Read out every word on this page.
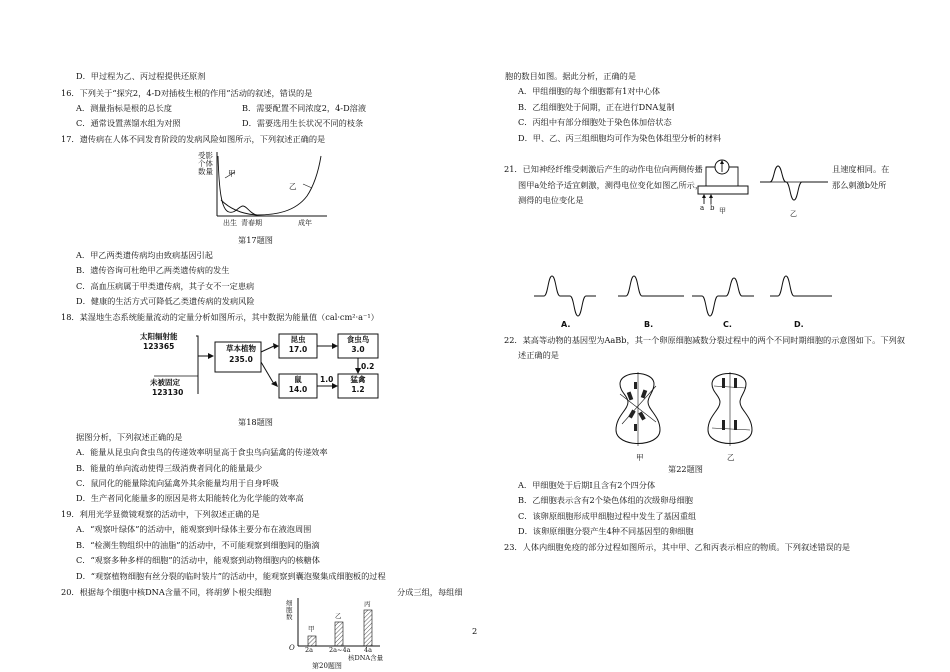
D．甲过程为乙、丙过程提供还原剂
16．下列关于“探究2，4-D对插枝生根的作用”活动的叙述，错误的是
A．测量指标是根的总长度	B．需要配置不同浓度2，4-D溶液
C．通常设置蒸馏水组为对照	D．需要选用生长状况不同的枝条
17．遗传病在人体不同发育阶段的发病风险如图所示，下列叙述正确的是
受影
个体
数量 甲
乙
出生 青春期	成年
第17题图
A．甲乙两类遗传病均由致病基因引起
B．遗传咨询可杜绝甲乙两类遗传病的发生
C．高血压病属于甲类遗传病，其子女不一定患病
D．健康的生活方式可降低乙类遗传病的发病风险
18．某湿地生态系统能量流动的定量分析如图所示，其中数据为能量值（cal·cm²·a⁻¹）
太阳辐射能
123365
未被固定
123130
草本植物
235.0
昆虫
17.0
食虫鸟
3.0
鼠
14.0
猛禽
1.2
1.0
0.2
第18题图
据图分析，下列叙述正确的是
A．能量从昆虫向食虫鸟的传递效率明显高于食虫鸟向猛禽的传递效率
B．能量的单向流动使得三级消费者同化的能量最少
C．鼠同化的能量除流向猛禽外其余能量均用于自身呼吸
D．生产者同化能量多的原因是将太阳能转化为化学能的效率高
19．利用光学显微镜观察的活动中，下列叙述正确的是
A．“观察叶绿体”的活动中，能观察到叶绿体主要分布在液泡周围
B．“检测生物组织中的油脂”的活动中，不可能观察到细胞间的脂滴
C．“观察多种多样的细胞”的活动中，能观察到动物细胞内的核糖体
D．“观察植物细胞有丝分裂的临时装片”的活动中，能观察到囊泡聚集成细胞板的过程
20．根据每个细胞中核DNA含量不同，将胡萝卜根尖细胞	分成三组，每组细
细胞数
甲
乙
丙
O 2a 2a~4a 4a
核DNA含量
第20题图
2
胞的数目如图。据此分析，正确的是
A．甲组细胞的每个细胞都有1对中心体
B．乙组细胞处于间期，正在进行DNA复制
C．丙组中有部分细胞处于染色体加倍状态
D．甲、乙、丙三组细胞均可作为染色体组型分析的材料
21．已知神经纤维受刺激后产生的动作电位向两侧传播	且速度相同。在
图甲a处给予适宜刺激，测得电位变化如图乙所示，	那么刺激b处所
测得的电位变化是
a b 甲	乙
A.	B.	C.	D.
22．某高等动物的基因型为AaBb，其一个卵原细胞减数分裂过程中的两个不同时期细胞的示意图如下。下列叙
述正确的是
甲	乙
第22题图
A．甲细胞处于后期I且含有2个四分体
B．乙细胞表示含有2个染色体组的次级卵母细胞
C．该卵原细胞形成甲细胞过程中发生了基因重组
D．该卵原细胞分裂产生4种不同基因型的卵细胞
23．人体内细胞免疫的部分过程如图所示，其中甲、乙和丙表示相应的物质。下列叙述错误的是
